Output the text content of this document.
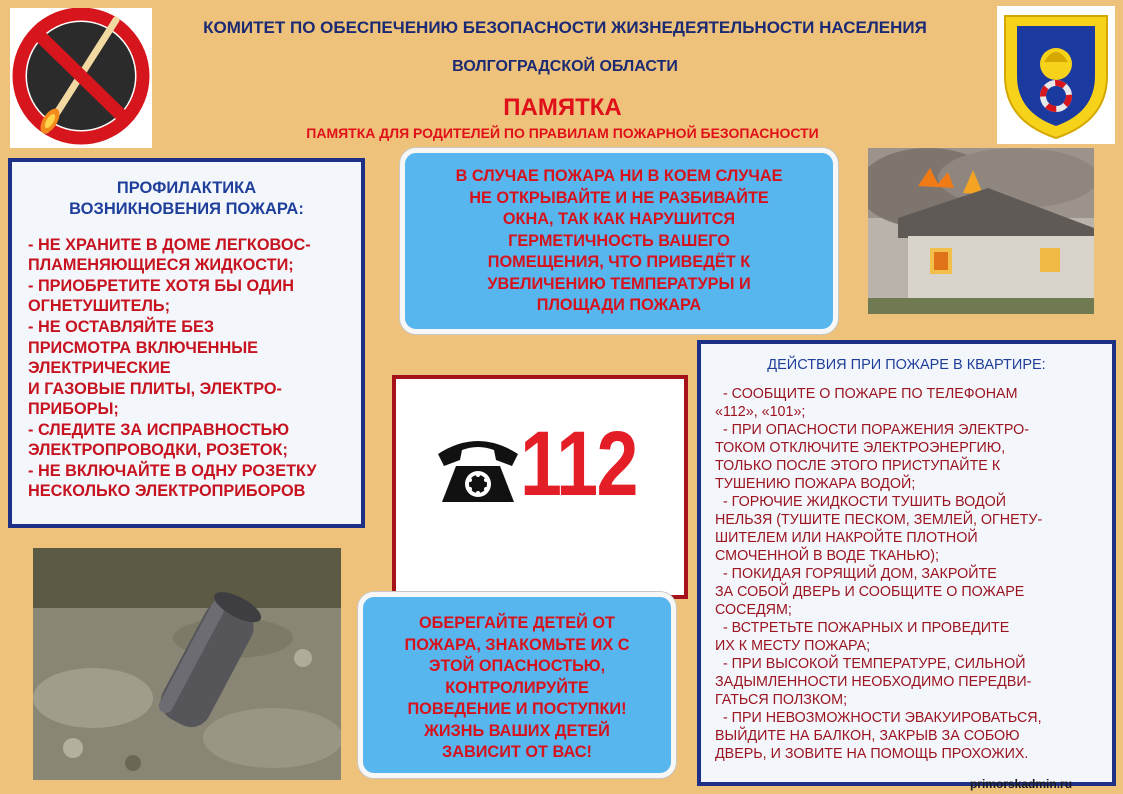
КОМИТЕТ ПО ОБЕСПЕЧЕНИЮ БЕЗОПАСНОСТИ ЖИЗНЕДЕЯТЕЛЬНОСТИ НАСЕЛЕНИЯ
ВОЛГОГРАДСКОЙ ОБЛАСТИ
ПАМЯТКА
ПАМЯТКА ДЛЯ РОДИТЕЛЕЙ ПО ПРАВИЛАМ ПОЖАРНОЙ БЕЗОПАСНОСТИ
ПРОФИЛАКТИКА
ВОЗНИКНОВЕНИЯ ПОЖАРА:
- НЕ ХРАНИТЕ В ДОМЕ ЛЕГКОВОС-
ПЛАМЕНЯЮЩИЕСЯ ЖИДКОСТИ;
- ПРИОБРЕТИТЕ ХОТЯ БЫ ОДИН
ОГНЕТУШИТЕЛЬ;
- НЕ ОСТАВЛЯЙТЕ БЕЗ
ПРИСМОТРА ВКЛЮЧЕННЫЕ
ЭЛЕКТРИЧЕСКИЕ
И ГАЗОВЫЕ ПЛИТЫ, ЭЛЕКТРО-
ПРИБОРЫ;
- СЛЕДИТЕ ЗА ИСПРАВНОСТЬЮ
ЭЛЕКТРОПРОВОДКИ, РОЗЕТОК;
- НЕ ВКЛЮЧАЙТЕ В ОДНУ РОЗЕТКУ
НЕСКОЛЬКО ЭЛЕКТРОПРИБОРОВ
В СЛУЧАЕ ПОЖАРА НИ В КОЕМ СЛУЧАЕ
НЕ ОТКРЫВАЙТЕ И НЕ РАЗБИВАЙТЕ
ОКНА, ТАК КАК НАРУШИТСЯ
ГЕРМЕТИЧНОСТЬ ВАШЕГО
ПОМЕЩЕНИЯ, ЧТО ПРИВЕДЁТ К
УВЕЛИЧЕНИЮ ТЕМПЕРАТУРЫ И
ПЛОЩАДИ ПОЖАРА
112
ДЕЙСТВИЯ ПРИ ПОЖАРЕ В КВАРТИРЕ:
- СООБЩИТЕ О ПОЖАРЕ ПО ТЕЛЕФОНАМ
«112», «101»;
- ПРИ ОПАСНОСТИ ПОРАЖЕНИЯ ЭЛЕКТРО-
ТОКОМ ОТКЛЮЧИТЕ ЭЛЕКТРОЭНЕРГИЮ,
ТОЛЬКО ПОСЛЕ ЭТОГО ПРИСТУПАЙТЕ К
ТУШЕНИЮ ПОЖАРА ВОДОЙ;
- ГОРЮЧИЕ ЖИДКОСТИ ТУШИТЬ ВОДОЙ
НЕЛЬЗЯ (ТУШИТЕ ПЕСКОМ, ЗЕМЛЕЙ, ОГНЕТУ-
ШИТЕЛЕМ ИЛИ НАКРОЙТЕ ПЛОТНОЙ
СМОЧЕННОЙ В ВОДЕ ТКАНЬЮ);
- ПОКИДАЯ ГОРЯЩИЙ ДОМ, ЗАКРОЙТЕ
ЗА СОБОЙ ДВЕРЬ И СООБЩИТЕ О ПОЖАРЕ
СОСЕДЯМ;
- ВСТРЕТЬТЕ ПОЖАРНЫХ И ПРОВЕДИТЕ
ИХ К МЕСТУ ПОЖАРА;
- ПРИ ВЫСОКОЙ ТЕМПЕРАТУРЕ, СИЛЬНОЙ
ЗАДЫМЛЕННОСТИ НЕОБХОДИМО ПЕРЕДВИ-
ГАТЬСЯ ПОЛЗКОМ;
- ПРИ НЕВОЗМОЖНОСТИ ЭВАКУИРОВАТЬСЯ,
ВЫЙДИТЕ НА БАЛКОН, ЗАКРЫВ ЗА СОБОЮ
ДВЕРЬ, И ЗОВИТЕ НА ПОМОЩЬ ПРОХОЖИХ.
ОБЕРЕГАЙТЕ ДЕТЕЙ ОТ
ПОЖАРА, ЗНАКОМЬТЕ ИХ С
ЭТОЙ ОПАСНОСТЬЮ,
КОНТРОЛИРУЙТЕ
ПОВЕДЕНИЕ И ПОСТУПКИ!
ЖИЗНЬ ВАШИХ ДЕТЕЙ
ЗАВИСИТ ОТ ВАС!
primorskadmin.ru
